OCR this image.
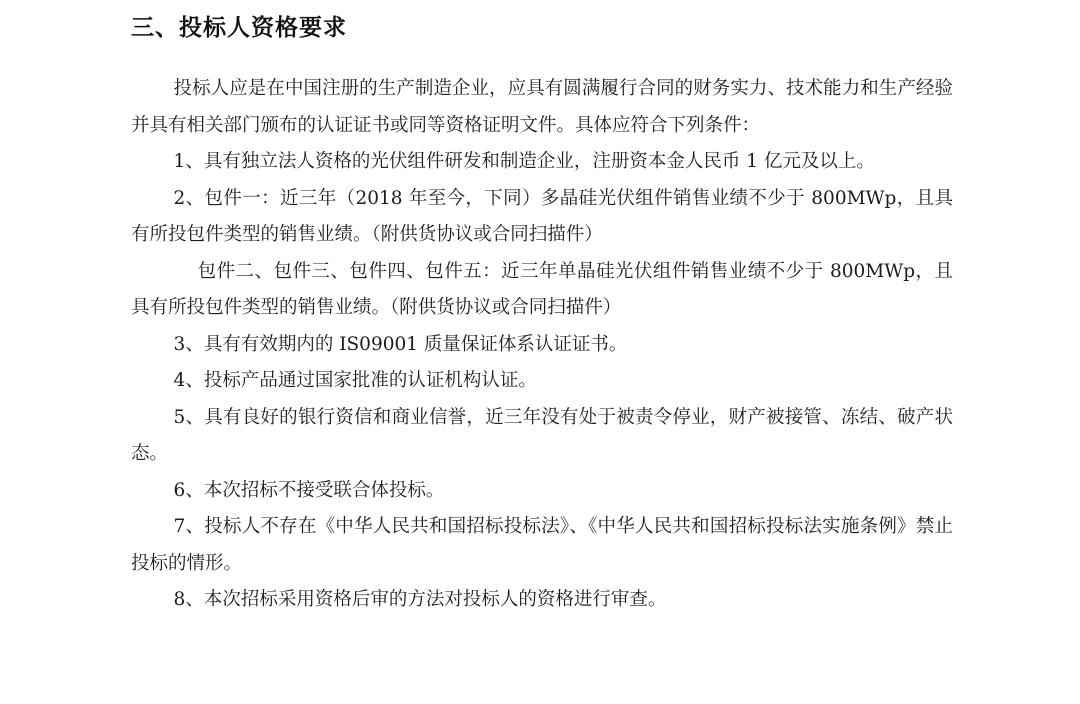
三、投标人资格要求

投标人应是在中国注册的生产制造企业，应具有圆满履行合同的财务实力、技术能力和生产经验并具有相关部门颁布的认证证书或同等资格证明文件。具体应符合下列条件：

1、具有独立法人资格的光伏组件研发和制造企业，注册资本金人民币 1 亿元及以上。

2、包件一：近三年（2018 年至今，下同）多晶硅光伏组件销售业绩不少于 800MWp，且具有所投包件类型的销售业绩。（附供货协议或合同扫描件）

包件二、包件三、包件四、包件五：近三年单晶硅光伏组件销售业绩不少于 800MWp，且具有所投包件类型的销售业绩。（附供货协议或合同扫描件）

3、具有有效期内的 IS09001 质量保证体系认证证书。

4、投标产品通过国家批准的认证机构认证。

5、具有良好的银行资信和商业信誉，近三年没有处于被责令停业，财产被接管、冻结、破产状态。

6、本次招标不接受联合体投标。

7、投标人不存在《中华人民共和国招标投标法》、《中华人民共和国招标投标法实施条例》禁止投标的情形。

8、本次招标采用资格后审的方法对投标人的资格进行审查。
